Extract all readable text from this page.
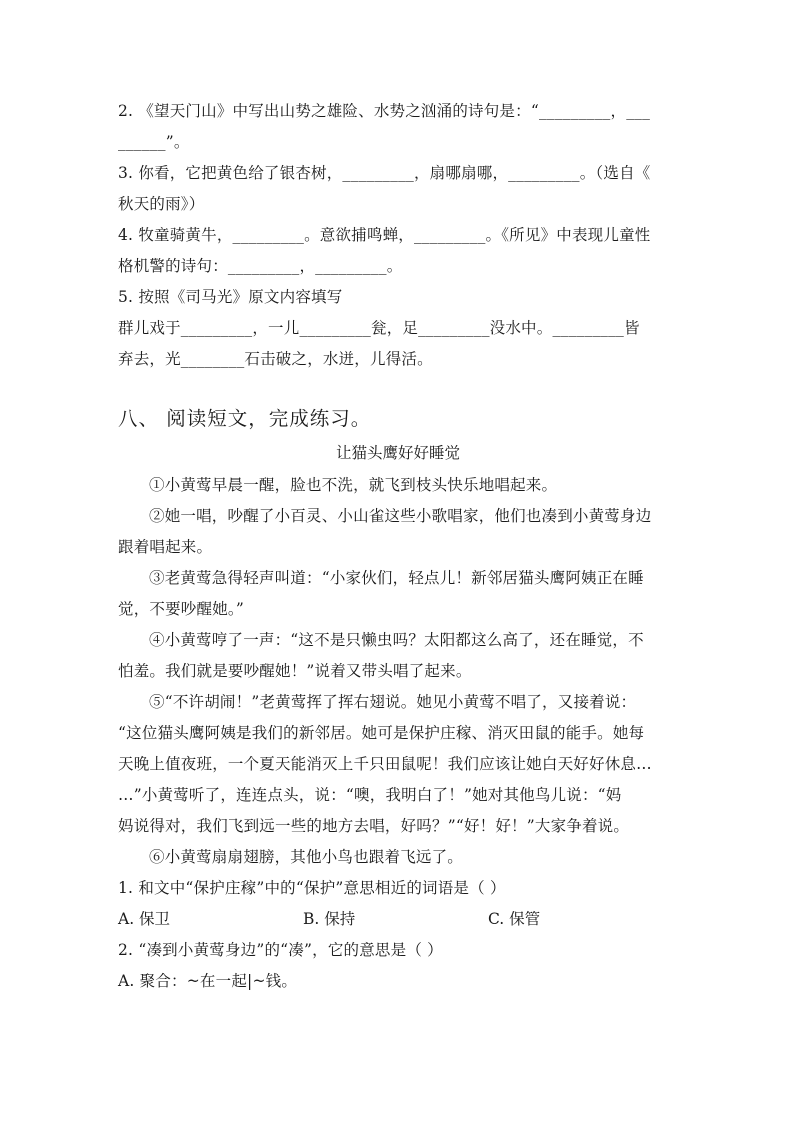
2. 《望天门山》中写出山势之雄险、水势之汹涌的诗句是：“_________，___
______”。
3. 你看，它把黄色给了银杏树，_________，扇哪扇哪，_________。（选自《
秋天的雨》）
4. 牧童骑黄牛，_________。意欲捕鸣蝉，_________。《所见》中表现儿童性
格机警的诗句：_________，_________。
5. 按照《司马光》原文内容填写
群儿戏于_________，一儿_________瓮，足_________没水中。_________皆
弃去，光________石击破之，水迸，儿得活。
八、 阅读短文，完成练习。
让猫头鹰好好睡觉
①小黄莺早晨一醒，脸也不洗，就飞到枝头快乐地唱起来。
②她一唱，吵醒了小百灵、小山雀这些小歌唱家，他们也凑到小黄莺身边
跟着唱起来。
③老黄莺急得轻声叫道：“小家伙们，轻点儿！新邻居猫头鹰阿姨正在睡
觉，不要吵醒她。”
④小黄莺哼了一声：“这不是只懒虫吗？太阳都这么高了，还在睡觉，不
怕羞。我们就是要吵醒她！”说着又带头唱了起来。
⑤“不许胡闹！”老黄莺挥了挥右翅说。她见小黄莺不唱了，又接着说：
“这位猫头鹰阿姨是我们的新邻居。她可是保护庄稼、消灭田鼠的能手。她每
天晚上值夜班，一个夏天能消灭上千只田鼠呢！我们应该让她白天好好休息…
…”小黄莺听了，连连点头，说：“噢，我明白了！”她对其他鸟儿说：“妈
妈说得对，我们飞到远一些的地方去唱，好吗？”“好！好！”大家争着说。
⑥小黄莺扇扇翅膀，其他小鸟也跟着飞远了。
1. 和文中“保护庄稼”中的“保护”意思相近的词语是（ ）
A. 保卫	B. 保持	C. 保管
2. “凑到小黄莺身边”的“凑”，它的意思是（ ）
A. 聚合：~在一起|~钱。
